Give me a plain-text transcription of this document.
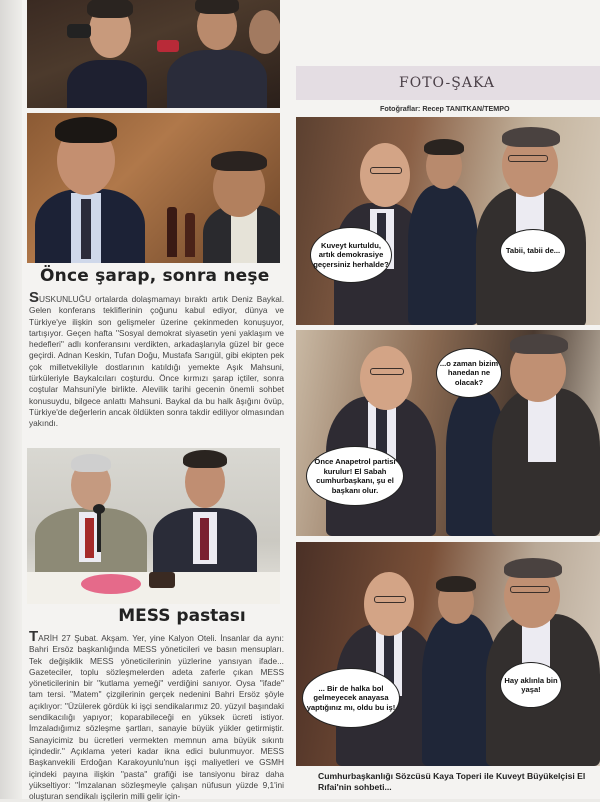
Önce şarap, sonra neşe
SUSKUNLUĞU ortalarda dolaşmamayı bıraktı artık Deniz Baykal. Gelen konferans tekliflerinin çoğunu kabul ediyor, dünya ve Türkiye'ye ilişkin son gelişmeler üzerine çekinmeden konuşuyor, tartışıyor. Geçen hafta ''Sosyal demokrat siyasetin yeni yaklaşım ve hedefleri'' adlı konferansını verdikten, arkadaşlarıyla güzel bir gece geçirdi. Adnan Keskin, Tufan Doğu, Mustafa Sarıgül, gibi ekipten pek çok milletvekiliyle dostlarının katıldığı yemekte Aşık Mahsuni, türküleriyle Baykalcıları coşturdu. Önce kırmızı şarap içtiler, sonra coştular Mahsuni'yle birlikte. Alevilik tarihi gecenin önemli sohbet konusuydu, bilgece anlattı Mahsuni. Baykal da bu halk âşığını övüp, Türkiye'de değerlerin ancak öldükten sonra takdir ediliyor olmasından yakındı.
MESS pastası
TARİH 27 Şubat. Akşam. Yer, yine Kalyon Oteli. İnsanlar da aynı: Bahri Ersöz başkanlığında MESS yöneticileri ve basın mensupları. Tek değişiklik MESS yöneticilerinin yüzlerine yansıyan ifade... Gazeteciler, toplu sözleşmelerden adeta zaferle çıkan MESS yöneticilerinin bir ''kutlama yemeği'' verdiğini sanıyor. Oysa ''ifade'' tam tersi. ''Matem'' çizgilerinin gerçek nedenini Bahri Ersöz şöyle açıklıyor: ''Üzülerek gördük ki işçi sendikalarımız 20. yüzyıl başındaki sendikacılığı yapıyor; koparabileceği en yüksek ücreti istiyor. İmzaladığımız sözleşme şartları, sanayie büyük yükler getirmiştir. Sanayicimiz bu ücretleri vermekten memnun ama büyük sıkıntı içindedir.'' Açıklama yeteri kadar ikna edici bulunmuyor. MESS Başkanvekili Erdoğan Karakoyunlu'nun işçi maliyetleri ve GSMH içindeki payına ilişkin ''pasta'' grafiği ise tansiyonu biraz daha yükseltiyor: ''İmzalanan sözleşmeyle çalışan nüfusun yüzde 9,1'ini oluşturan sendikalı işçilerin milli gelir için-
FOTO-ŞAKA
Fotoğraflar: Recep TANITKAN/TEMPO
Kuveyt kurtuldu, artık demokrasiye geçersiniz herhalde?
Tabii, tabii de...
...o zaman bizim hanedan ne olacak?
Önce Anapetrol partisi kurulur! El Sabah cumhurbaşkanı, şu el başkanı olur.
... Bir de halka bol gelmeyecek anayasa yaptığınız mı, oldu bu iş!
Hay aklınla bin yaşa!
Cumhurbaşkanlığı Sözcüsü Kaya Toperi ile Kuveyt Büyükelçisi El Rıfai'nin sohbeti...
